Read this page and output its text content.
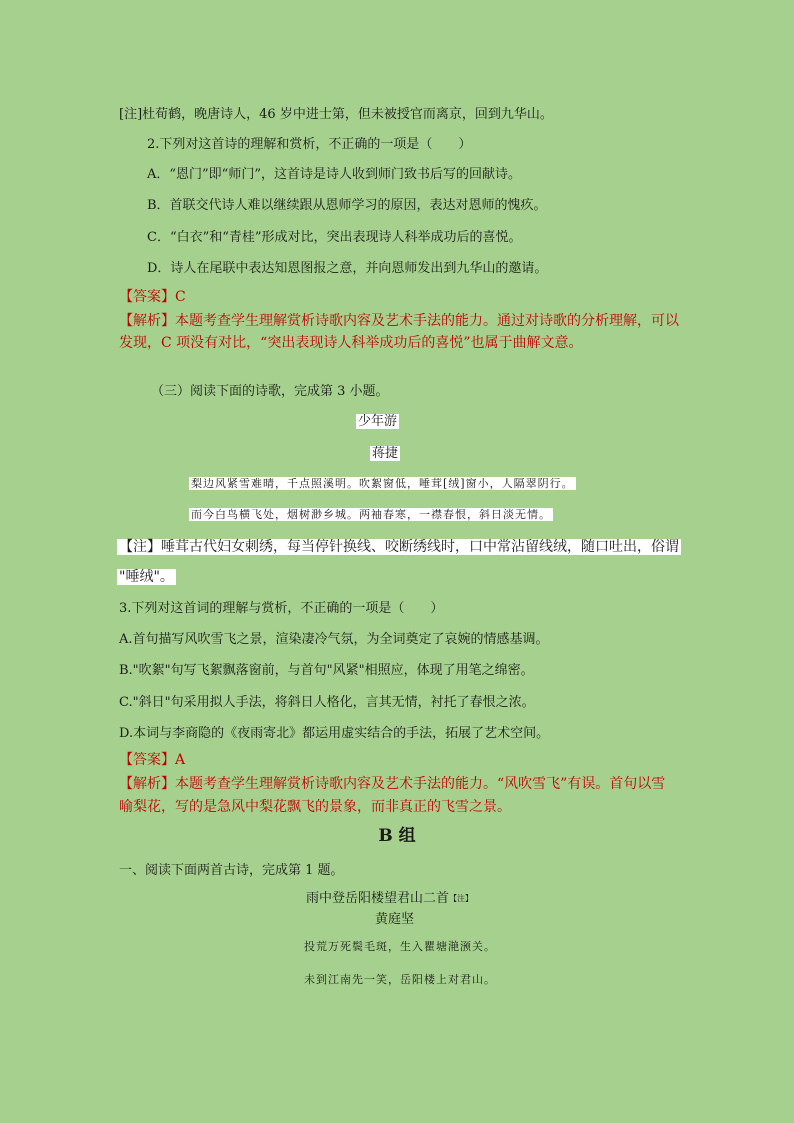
[注]杜荀鹤，晚唐诗人，46 岁中进士第，但未被授官而离京，回到九华山。
2.下列对这首诗的理解和赏析，不正确的一项是（　　）
A．“恩门”即“师门”，这首诗是诗人收到师门致书后写的回献诗。
B．首联交代诗人难以继续跟从恩师学习的原因，表达对恩师的愧疚。
C．“白衣”和“青桂”形成对比，突出表现诗人科举成功后的喜悦。
D．诗人在尾联中表达知恩图报之意，并向恩师发出到九华山的邀请。
【答案】C
【解析】本题考查学生理解赏析诗歌内容及艺术手法的能力。通过对诗歌的分析理解，可以
发现，C 项没有对比，“突出表现诗人科举成功后的喜悦”也属于曲解文意。
（三）阅读下面的诗歌，完成第 3 小题。
少年游
蒋捷
梨边风紧雪难晴，千点照溪明。吹絮窗低，唾茸[绒]窗小，人隔翠阴行。
而今白鸟横飞处，烟树渺乡城。两袖春寒，一襟春恨，斜日淡无情。
【注】唾茸古代妇女刺绣，每当停针换线、咬断绣线时，口中常沾留线绒，随口吐出，俗谓
"唾绒"。
3.下列对这首词的理解与赏析，不正确的一项是（　　）
A.首句描写风吹雪飞之景，渲染凄冷气氛，为全词奠定了哀婉的情感基调。
B."吹絮"句写飞絮飘落窗前，与首句"风紧"相照应，体现了用笔之绵密。
C."斜日"句采用拟人手法，将斜日人格化，言其无情，衬托了春恨之浓。
D.本词与李商隐的《夜雨寄北》都运用虚实结合的手法，拓展了艺术空间。
【答案】A
【解析】本题考查学生理解赏析诗歌内容及艺术手法的能力。“风吹雪飞”有误。首句以雪
喻梨花，写的是急风中梨花飘飞的景象，而非真正的飞雪之景。
B 组
一、阅读下面两首古诗，完成第 1 题。
雨中登岳阳楼望君山二首$^{【注】}$
黄庭坚
投荒万死鬓毛斑，生入瞿塘滟滪关。
未到江南先一笑，岳阳楼上对君山。
